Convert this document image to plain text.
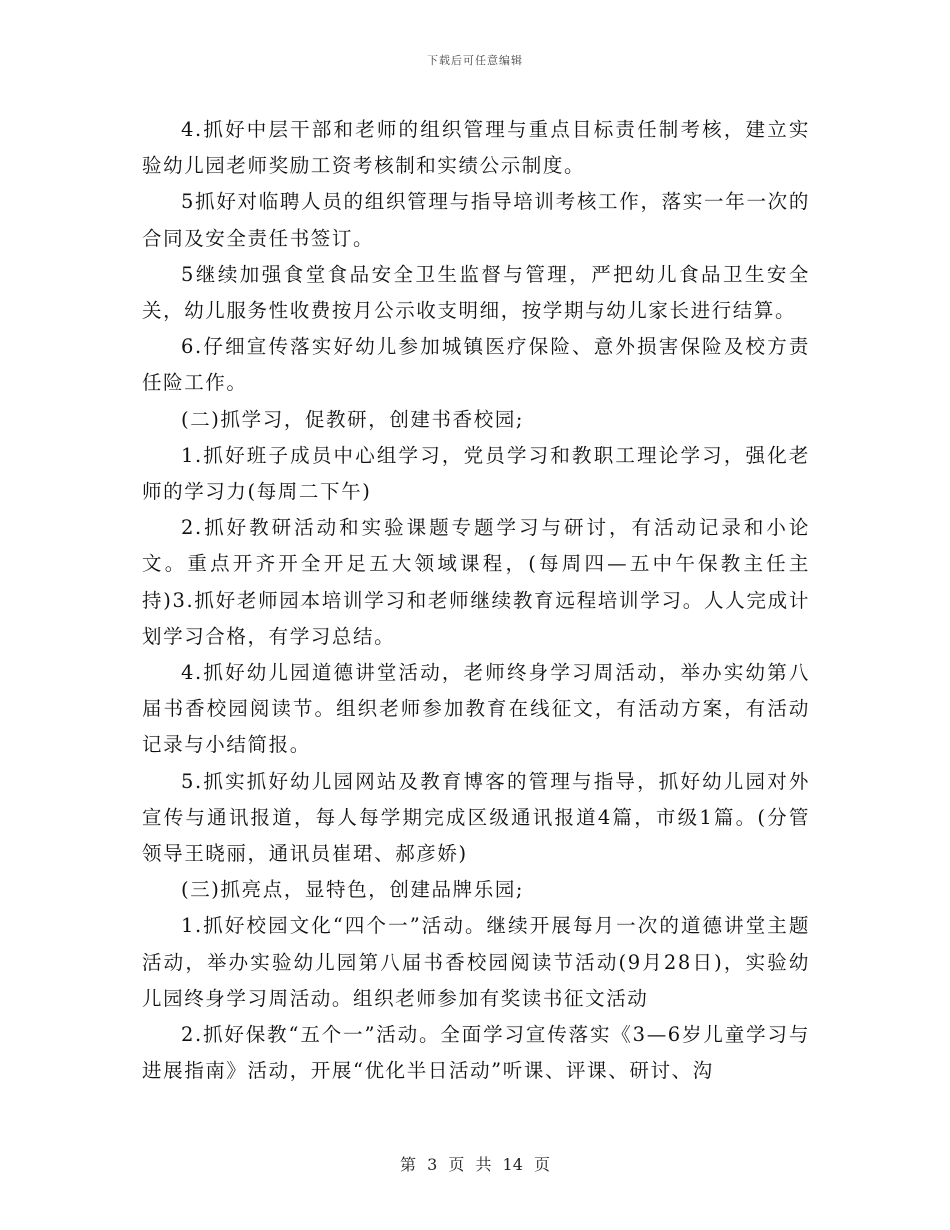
下载后可任意编辑

4.抓好中层干部和老师的组织管理与重点目标责任制考核，建立实验幼儿园老师奖励工资考核制和实绩公示制度。

5抓好对临聘人员的组织管理与指导培训考核工作，落实一年一次的合同及安全责任书签订。

5继续加强食堂食品安全卫生监督与管理，严把幼儿食品卫生安全关，幼儿服务性收费按月公示收支明细，按学期与幼儿家长进行结算。

6.仔细宣传落实好幼儿参加城镇医疗保险、意外损害保险及校方责任险工作。

(二)抓学习，促教研，创建书香校园;

1.抓好班子成员中心组学习，党员学习和教职工理论学习，强化老师的学习力(每周二下午)

2.抓好教研活动和实验课题专题学习与研讨，有活动记录和小论文。重点开齐开全开足五大领域课程，(每周四—五中午保教主任主持)3.抓好老师园本培训学习和老师继续教育远程培训学习。人人完成计划学习合格，有学习总结。

4.抓好幼儿园道德讲堂活动，老师终身学习周活动，举办实幼第八届书香校园阅读节。组织老师参加教育在线征文，有活动方案，有活动记录与小结简报。

5.抓实抓好幼儿园网站及教育博客的管理与指导，抓好幼儿园对外宣传与通讯报道，每人每学期完成区级通讯报道4篇，市级1篇。(分管领导王晓丽，通讯员崔珺、郝彦娇)

(三)抓亮点，显特色，创建品牌乐园;

1.抓好校园文化“四个一”活动。继续开展每月一次的道德讲堂主题活动，举办实验幼儿园第八届书香校园阅读节活动(9月28日)，实验幼儿园终身学习周活动。组织老师参加有奖读书征文活动

2.抓好保教“五个一”活动。全面学习宣传落实《3—6岁儿童学习与进展指南》活动，开展“优化半日活动”听课、评课、研讨、沟

第 3 页 共 14 页
